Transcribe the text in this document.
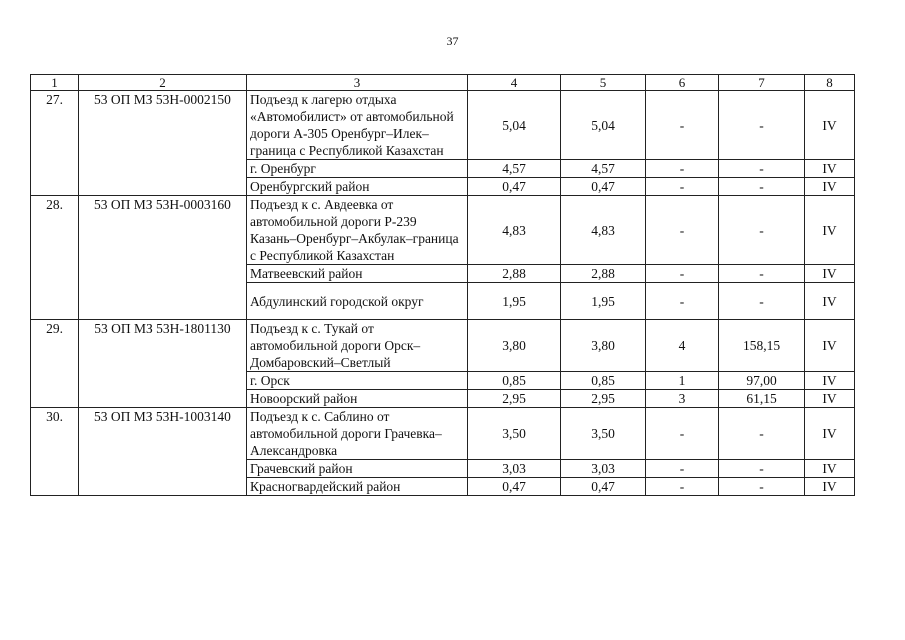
37
1	2	3	4	5	6	7	8
27.	53 ОП МЗ 53Н-0002150	Подъезд к лагерю отдыха «Автомобилист» от автомобильной дороги А-305 Оренбург–Илек–граница с Республикой Казахстан	5,04	5,04	-	-	IV
		г. Оренбург	4,57	4,57	-	-	IV
		Оренбургский район	0,47	0,47	-	-	IV
28.	53 ОП МЗ 53Н-0003160	Подъезд к с. Авдеевка от автомобильной дороги Р-239 Казань–Оренбург–Акбулак–граница с Республикой Казахстан	4,83	4,83	-	-	IV
		Матвеевский район	2,88	2,88	-	-	IV
		Абдулинский городской округ	1,95	1,95	-	-	IV
29.	53 ОП МЗ 53Н-1801130	Подъезд к с. Тукай от автомобильной дороги Орск–Домбаровский–Светлый	3,80	3,80	4	158,15	IV
		г. Орск	0,85	0,85	1	97,00	IV
		Новоорский район	2,95	2,95	3	61,15	IV
30.	53 ОП МЗ 53Н-1003140	Подъезд к с. Саблино от автомобильной дороги Грачевка–Александровка	3,50	3,50	-	-	IV
		Грачевский район	3,03	3,03	-	-	IV
		Красногвардейский район	0,47	0,47	-	-	IV
